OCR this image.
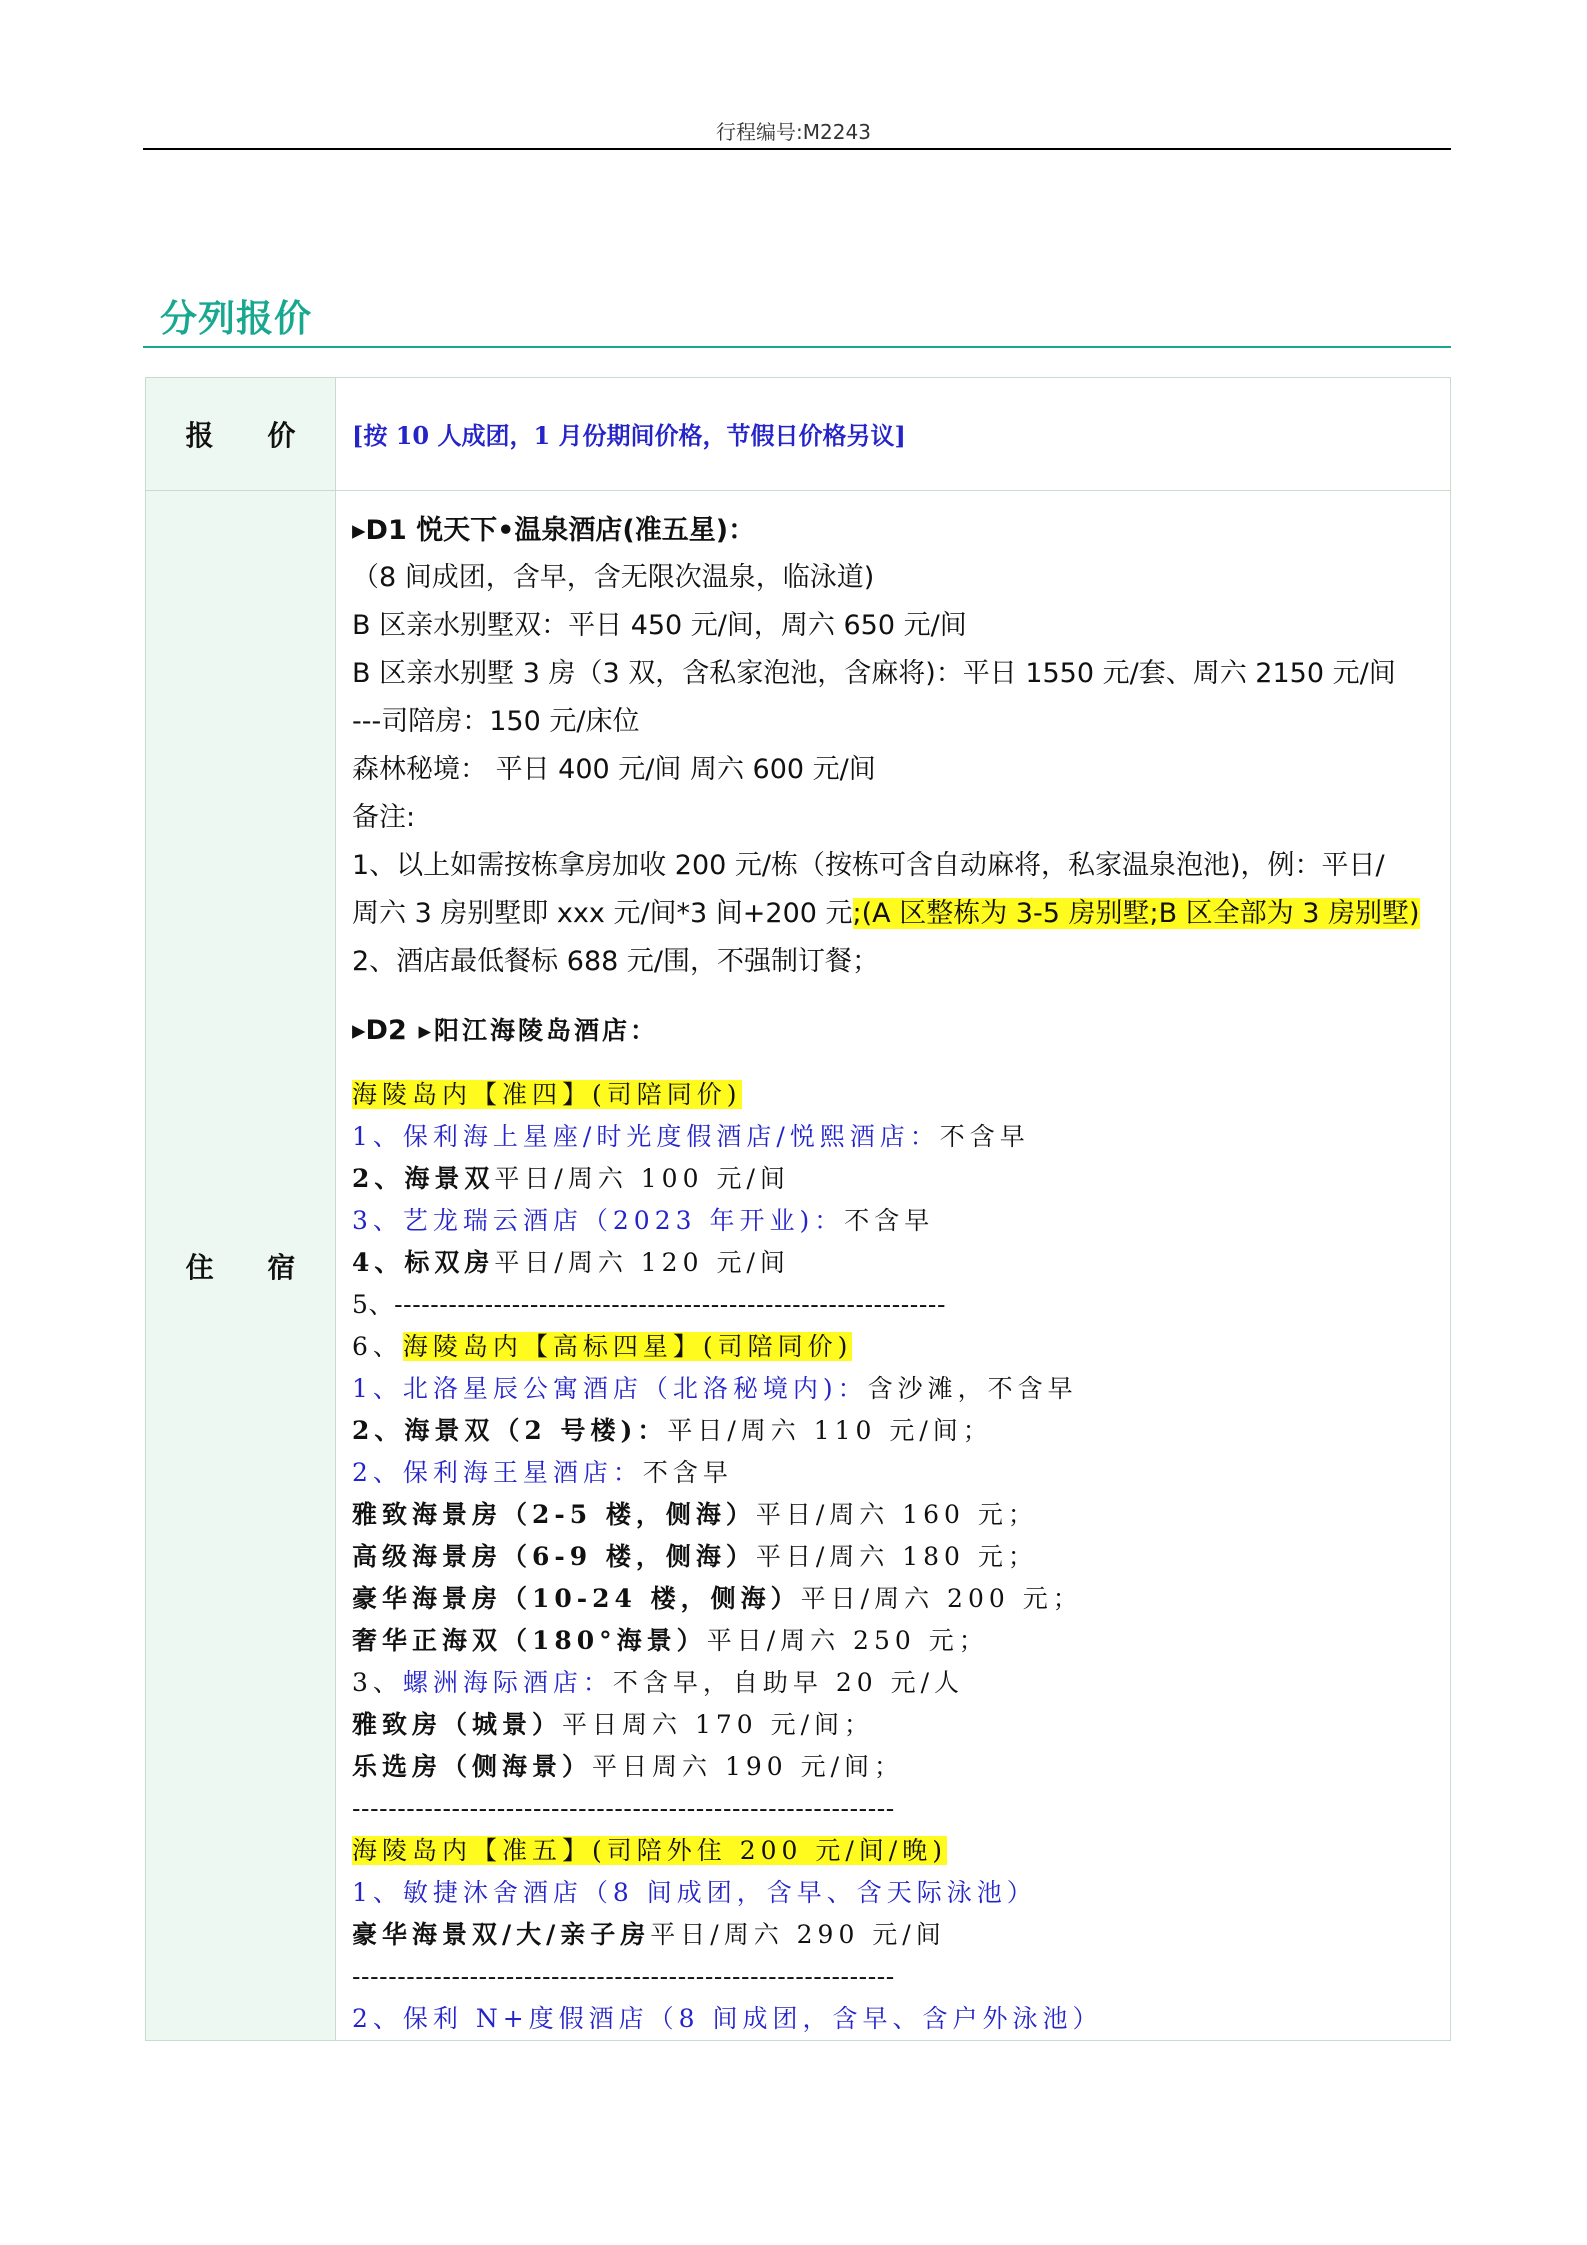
行程编号:M2243
分列报价
报 价	[按 10 人成团，1 月份期间价格，节假日价格另议]
住 宿
▸D1 悦天下•温泉酒店(准五星)：
（8 间成团，含早，含无限次温泉，临泳道)
B 区亲水别墅双：平日 450 元/间，周六 650 元/间
B 区亲水别墅 3 房（3 双，含私家泡池，含麻将)：平日 1550 元/套、周六 2150 元/间
---司陪房：150 元/床位
森林秘境： 平日 400 元/间 周六 600 元/间
备注:
1、以上如需按栋拿房加收 200 元/栋（按栋可含自动麻将，私家温泉泡池)，例：平日/
周六 3 房别墅即 xxx 元/间*3 间+200 元;(A 区整栋为 3-5 房别墅;B 区全部为 3 房别墅)
2、酒店最低餐标 688 元/围，不强制订餐；
▸D2 ▸阳江海陵岛酒店：
海陵岛内【准四】(司陪同价)
1、保利海上星座/时光度假酒店/悦熙酒店：不含早
2、海景双平日/周六 100 元/间
3、艺龙瑞云酒店（2023 年开业)：不含早
4、标双房平日/周六 120 元/间
5、-------------------------------------------------------------
6、海陵岛内【高标四星】(司陪同价)
1、北洛星辰公寓酒店（北洛秘境内)：含沙滩，不含早
2、海景双（2 号楼)：平日/周六 110 元/间；
2、保利海王星酒店：不含早
雅致海景房（2-5 楼，侧海）平日/周六 160 元；
高级海景房（6-9 楼，侧海）平日/周六 180 元；
豪华海景房（10-24 楼，侧海）平日/周六 200 元；
奢华正海双（180°海景）平日/周六 250 元；
3、螺洲海际酒店：不含早，自助早 20 元/人
雅致房（城景）平日周六 170 元/间；
乐选房（侧海景）平日周六 190 元/间；
------------------------------------------------------------
海陵岛内【准五】(司陪外住 200 元/间/晚)
1、敏捷沐舍酒店（8 间成团，含早、含天际泳池）
豪华海景双/大/亲子房平日/周六 290 元/间
------------------------------------------------------------
2、保利 N+度假酒店（8 间成团，含早、含户外泳池）
